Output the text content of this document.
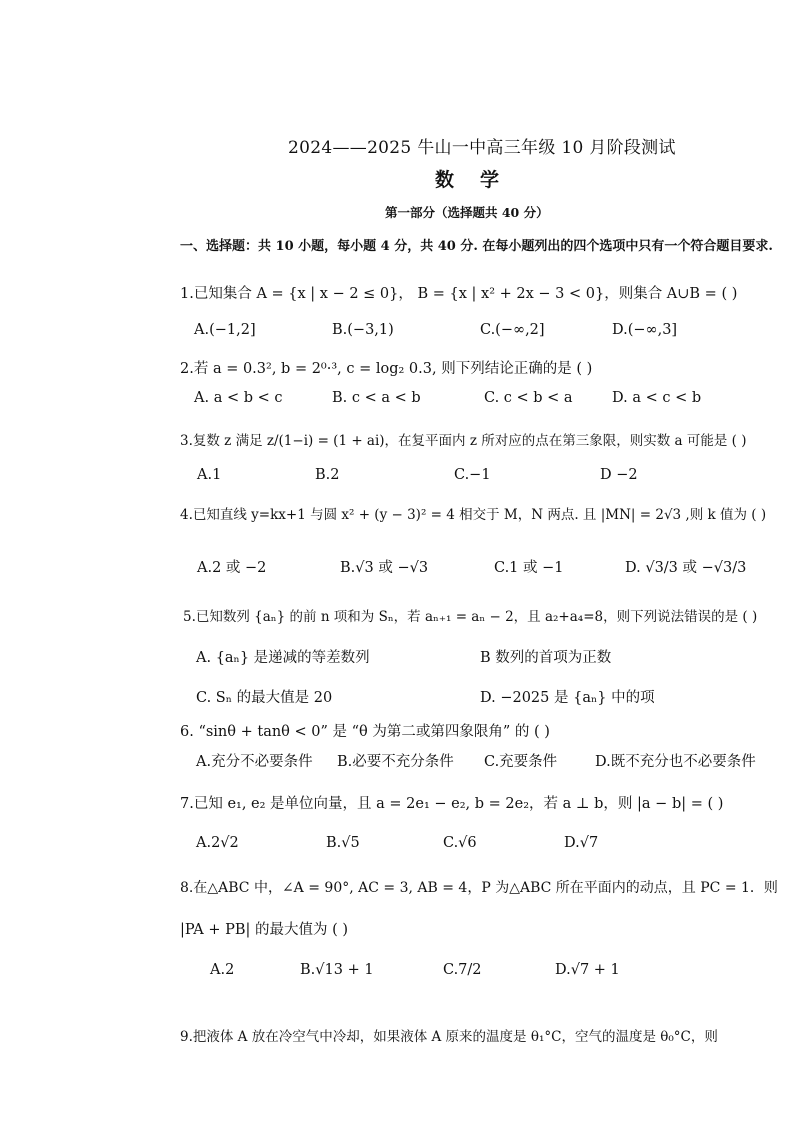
2024——2025 牛山一中高三年级 10 月阶段测试
数学
第一部分（选择题共 40 分）
一、选择题：共 10 小题，每小题 4 分，共 40 分. 在每小题列出的四个选项中只有一个符合题目要求.
1.已知集合 A = {x | x − 2 ≤ 0}， B = {x | x² + 2x − 3 < 0}，则集合 A∪B = ( )
A.(−1,2]	B.(−3,1)	C.(−∞,2]	D.(−∞,3]
2.若 a = 0.3², b = 2⁰·³, c = log₂ 0.3, 则下列结论正确的是 ( )
A. a < b < c	B. c < a < b	C. c < b < a	D. a < c < b
3.复数 z 满足 z/(1−i) = (1 + ai)，在复平面内 z 所对应的点在第三象限，则实数 a 可能是 ( )
A.1	B.2	C.−1	D −2
4.已知直线 y=kx+1 与圆 x² + (y − 3)² = 4 相交于 M，N 两点. 且 |MN| = 2√3 ,则 k 值为 ( )
A.2 或 −2	B.√3 或 −√3	C.1 或 −1	D. √3/3 或 −√3/3
5.已知数列 {aₙ} 的前 n 项和为 Sₙ，若 aₙ₊₁ = aₙ − 2，且 a₂+a₄=8，则下列说法错误的是 ( )
A. {aₙ} 是递减的等差数列	B 数列的首项为正数
C. Sₙ 的最大值是 20	D. −2025 是 {aₙ} 中的项
6. “sinθ + tanθ < 0” 是 “θ 为第二或第四象限角” 的 ( )
A.充分不必要条件 B.必要不充分条件 C.充要条件	D.既不充分也不必要条件
7.已知 e₁, e₂ 是单位向量，且 a = 2e₁ − e₂, b = 2e₂，若 a ⊥ b，则 |a − b| = ( )
A.2√2	B.√5	C.√6	D.√7
8.在△ABC 中，∠A = 90°, AC = 3, AB = 4，P 为△ABC 所在平面内的动点，且 PC = 1．则
|PA + PB| 的最大值为 ( )
A.2	B.√13 + 1	C.7/2	D.√7 + 1
9.把液体 A 放在冷空气中冷却，如果液体 A 原来的温度是 θ₁°C，空气的温度是 θ₀°C，则
